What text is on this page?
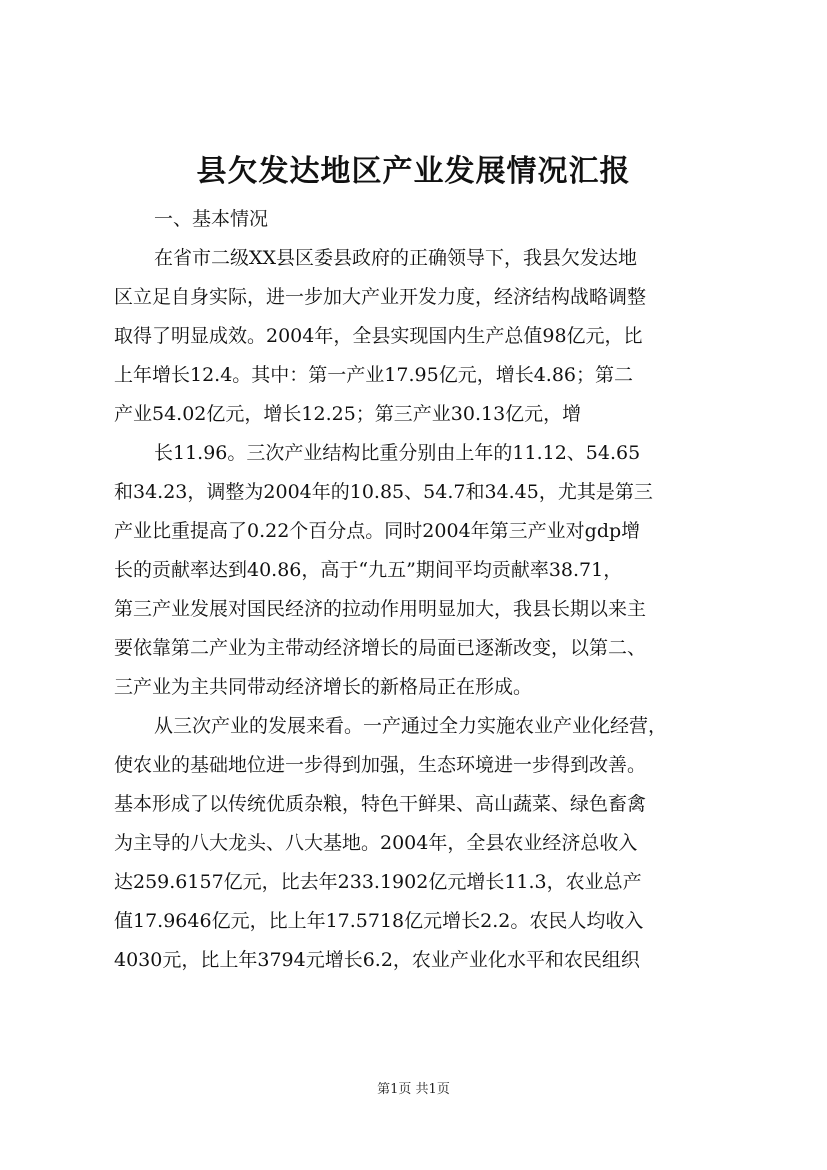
县欠发达地区产业发展情况汇报
一、基本情况
在省市二级XX县区委县政府的正确领导下，我县欠发达地
区立足自身实际，进一步加大产业开发力度，经济结构战略调整
取得了明显成效。2004年，全县实现国内生产总值98亿元，比
上年增长12.4。其中：第一产业17.95亿元，增长4.86；第二
产业54.02亿元，增长12.25；第三产业30.13亿元，增
长11.96。三次产业结构比重分别由上年的11.12、54.65
和34.23，调整为2004年的10.85、54.7和34.45，尤其是第三
产业比重提高了0.22个百分点。同时2004年第三产业对gdp增
长的贡献率达到40.86，高于“九五”期间平均贡献率38.71，
第三产业发展对国民经济的拉动作用明显加大，我县长期以来主
要依靠第二产业为主带动经济增长的局面已逐渐改变，以第二、
三产业为主共同带动经济增长的新格局正在形成。
从三次产业的发展来看。一产通过全力实施农业产业化经营，
使农业的基础地位进一步得到加强，生态环境进一步得到改善。
基本形成了以传统优质杂粮，特色干鲜果、高山蔬菜、绿色畜禽
为主导的八大龙头、八大基地。2004年，全县农业经济总收入
达259.6157亿元，比去年233.1902亿元增长11.3，农业总产
值17.9646亿元，比上年17.5718亿元增长2.2。农民人均收入
4030元，比上年3794元增长6.2，农业产业化水平和农民组织
第1页 共1页
